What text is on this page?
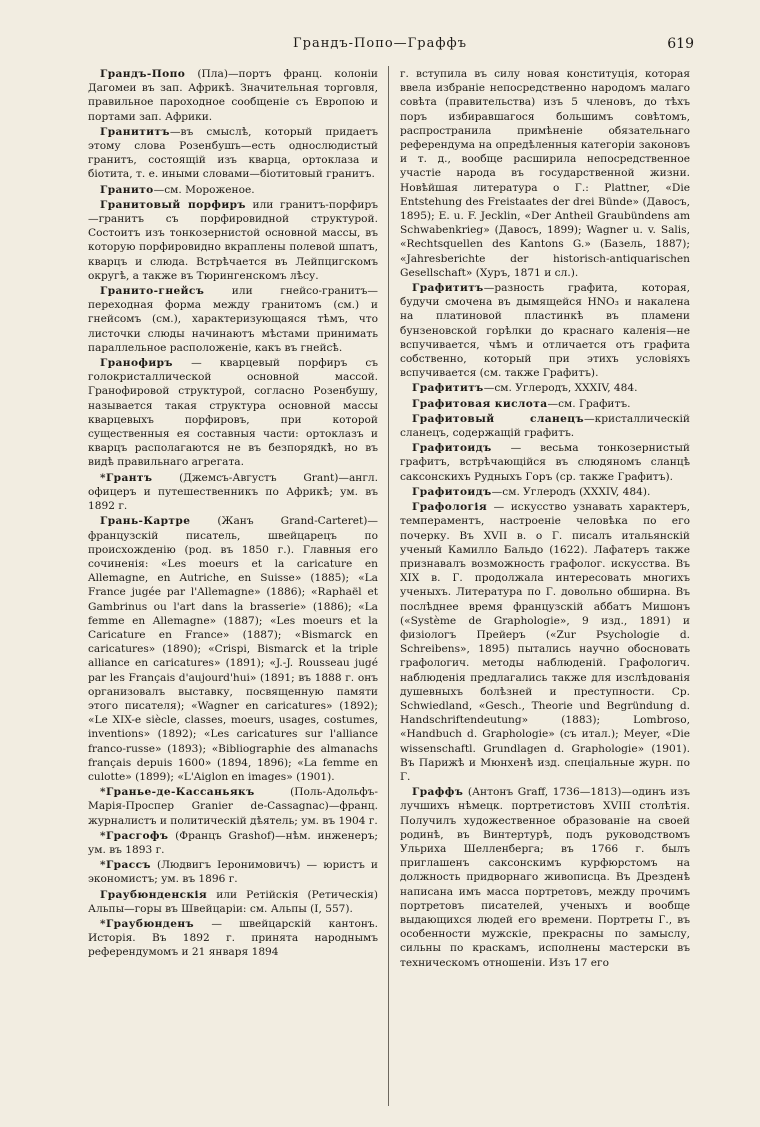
Грандъ-Попо—Граффъ	619

Грандъ-Попо (Пла)—портъ франц. колоніи Дагомеи въ зап. Африкѣ. Значительная торговля, правильное пароходное сообщеніе съ Европою и портами зап. Африки.

Гранититъ—въ смыслѣ, который придаетъ этому слова Розенбушъ—есть однослюдистый гранитъ, состоящій изъ кварца, ортоклаза и біотита, т. е. иными словами—біотитовый гранитъ.

Гранито—см. Мороженое.

Гранитовый порфиръ или гранитъ-порфиръ—гранитъ съ порфировидной структурой. Состоитъ изъ тонкозернистой основной массы, въ которую порфировидно вкраплены полевой шпатъ, кварцъ и слюда. Встрѣчается въ Лейпцигскомъ округѣ, а также въ Тюрингенскомъ лѣсу.

Гранито-гнейсъ или гнейсо-гранитъ—переходная форма между гранитомъ (см.) и гнейсомъ (см.), характеризующаяся тѣмъ, что листочки слюды начинаютъ мѣстами принимать параллельное расположеніе, какъ въ гнейсѣ.

Гранофиръ — кварцевый порфиръ съ голокристаллической основной массой. Гранофировой структурой, согласно Розенбушу, называется такая структура основной массы кварцевыхъ порфировъ, при которой существенныя ея составныя части: ортоклазъ и кварцъ располагаются не въ безпорядкѣ, но въ видѣ правильнаго агрегата.

*Грантъ (Джемсъ-Августъ Grant)—англ. офицеръ и путешественникъ по Африкѣ; ум. въ 1892 г.

Грань-Картре (Жанъ Grand-Carteret)—французскій писатель, швейцарецъ по происхожденію (род. въ 1850 г.). Главныя его сочиненія: «Les moeurs et la caricature en Allemagne, en Autriche, en Suisse» (1885); «La France jugée par l'Allemagne» (1886); «Raphaël et Gambrinus ou l'art dans la brasserie» (1886); «La femme en Allemagne» (1887); «Les moeurs et la Caricature en France» (1887); «Bismarck en caricatures» (1890); «Crispi, Bismarck et la triple alliance en caricatures» (1891); «J.-J. Rousseau jugé par les Français d'aujourd'hui» (1891; въ 1888 г. онъ организовалъ выставку, посвященную памяти этого писателя); «Wagner en caricatures» (1892); «Le XIX-e siècle, classes, moeurs, usages, costumes, inventions» (1892); «Les caricatures sur l'alliance franco-russe» (1893); «Bibliographie des almanachs français depuis 1600» (1894, 1896); «La femme en culotte» (1899); «L'Aiglon en images» (1901).

*Гранье-де-Кассаньякъ (Поль-Адольфъ-Марія-Проспер Granier de-Cassagnac)—франц. журналистъ и политическій дѣятель; ум. въ 1904 г.

*Грасгофъ (Францъ Grashof)—нѣм. инженеръ; ум. въ 1893 г.

*Грассъ (Людвигъ Іеронимовичъ) — юристъ и экономистъ; ум. въ 1896 г.

Граубюнденскія или Ретійскія (Ретическія) Альпы—горы въ Швейцаріи: см. Альпы (I, 557).

*Граубюнденъ — швейцарскій кантонъ. Исторія. Въ 1892 г. принята народнымъ референдумомъ и 21 января 1894

г. вступила въ силу новая конституція, которая ввела избраніе непосредственно народомъ малаго совѣта (правительства) изъ 5 членовъ, до тѣхъ поръ избиравшагося большимъ совѣтомъ, распространила примѣненіе обязательнаго референдума на опредѣленныя категоріи законовъ и т. д., вообще расширила непосредственное участіе народа въ государственной жизни. Новѣйшая литература о Г.: Plattner, «Die Entstehung des Freistaates der drei Bünde» (Давосъ, 1895); E. u. F. Jecklin, «Der Antheil Graubündens am Schwabenkrieg» (Давосъ, 1899); Wagner u. v. Salis, «Rechtsquellen des Kantons G.» (Базель, 1887); «Jahresberichte der historisch-antiquarischen Gesellschaft» (Хуръ, 1871 и сл.).

Графититъ—разность графита, которая, будучи смочена въ дымящейся HNO₃ и накалена на платиновой пластинкѣ въ пламени бунзеновской горѣлки до краснаго каленія—не вспучивается, чѣмъ и отличается отъ графита собственно, который при этихъ условіяхъ вспучивается (см. также Графитъ).

Графититъ—см. Углеродъ, XXXIV, 484.

Графитовая кислота—см. Графитъ.

Графитовый сланецъ—кристаллическій сланецъ, содержащій графитъ.

Графитоидъ — весьма тонкозернистый графитъ, встрѣчающійся въ слюдяномъ сланцѣ саксонскихъ Рудныхъ Горъ (ср. также Графитъ).

Графитоидъ—см. Углеродъ (XXXIV, 484).

Графологія — искусство узнавать характеръ, темпераментъ, настроеніе человѣка по его почерку. Въ XVII в. о Г. писалъ итальянскій ученый Камилло Бальдо (1622). Лафатеръ также признавалъ возможность графолог. искусства. Въ XIX в. Г. продолжала интересовать многихъ ученыхъ. Литература по Г. довольно обширна. Въ послѣднее время французскій аббатъ Мишонъ («Système de Graphologie», 9 изд., 1891) и физіологъ Прейеръ («Zur Psychologie d. Schreibens», 1895) пытались научно обосновать графологич. методы наблюденій. Графологич. наблюденія предлагались также для изслѣдованія душевныхъ болѣзней и преступности. Ср. Schwiedland, «Gesch., Theorie und Begründung d. Handschriftendeutung» (1883); Lombroso, «Handbuch d. Graphologie» (съ итал.); Meyer, «Die wissenschaftl. Grundlagen d. Graphologie» (1901). Въ Парижѣ и Мюнхенѣ изд. спеціальные журн. по Г.

Граффъ (Антонъ Graff, 1736—1813)—одинъ изъ лучшихъ нѣмецк. портретистовъ XVIII столѣтія. Получилъ художественное образованіе на своей родинѣ, въ Винтертурѣ, подъ руководствомъ Ульриха Шелленберга; въ 1766 г. былъ приглашенъ саксонскимъ курфюрстомъ на должность придворнаго живописца. Въ Дрезденѣ написана имъ масса портретовъ, между прочимъ портретовъ писателей, ученыхъ и вообще выдающихся людей его времени. Портреты Г., въ особенности мужскіе, прекрасны по замыслу, сильны по краскамъ, исполнены мастерски въ техническомъ отношеніи. Изъ 17 его
